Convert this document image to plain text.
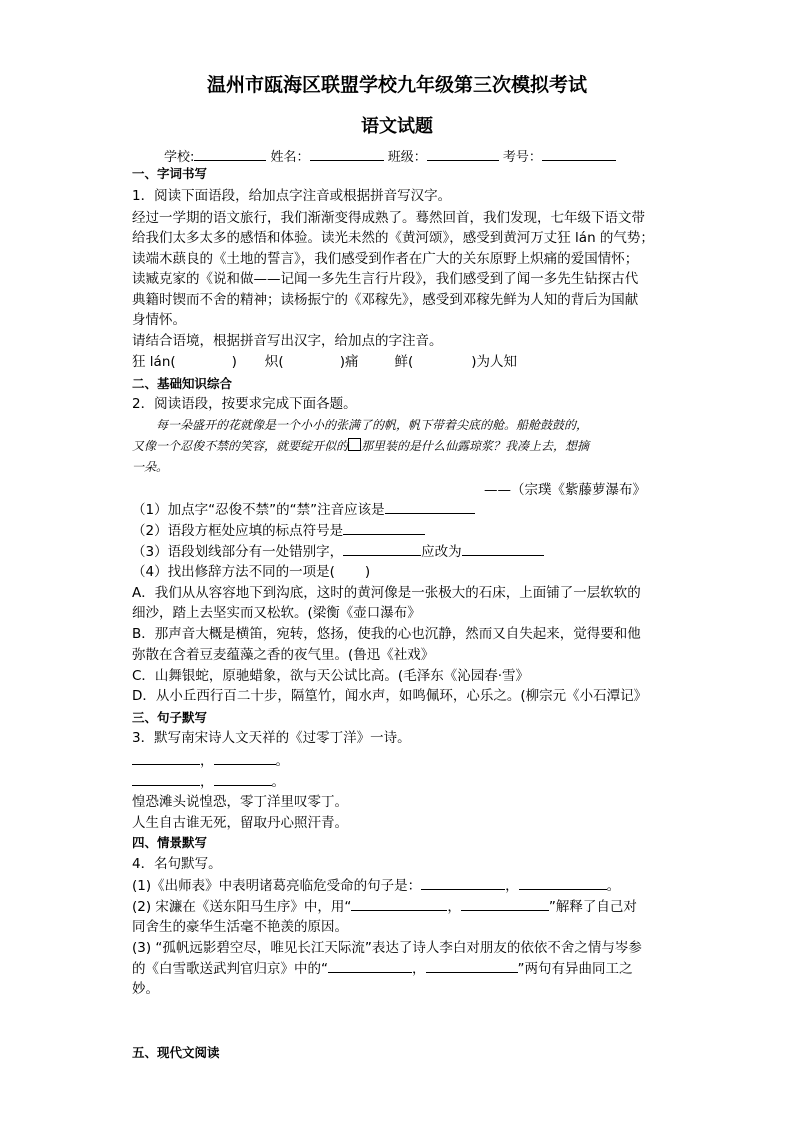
温州市瓯海区联盟学校九年级第三次模拟考试
语文试题
学校:	姓名：	班级：	考号：
一、字词书写
1．阅读下面语段，给加点字注音或根据拼音写汉字。
经过一学期的语文旅行，我们渐渐变得成熟了。蓦然回首，我们发现，七年级下语文带
给我们太多太多的感悟和体验。读光未然的《黄河颂》，感受到黄河万丈狂 lán 的气势；
读端木蕻良的《土地的誓言》，我们感受到作者在广大的关东原野上炽痛的爱国情怀；
读臧克家的《说和做——记闻一多先生言行片段》，我们感受到了闻一多先生钻探古代
典籍时锲而不舍的精神；读杨振宁的《邓稼先》，感受到邓稼先鲜为人知的背后为国献
身情怀。
请结合语境，根据拼音写出汉字，给加点的字注音。
狂 lán(	) 炽(	)痛	鲜(	)为人知
二、基础知识综合
2．阅读语段，按要求完成下面各题。
每一朵盛开的花就像是一个小小的张满了的帆，帆下带着尖底的舱。船舱鼓鼓的，
又像一个忍俊不禁的笑容，就要绽开似的 那里装的是什么仙露琼浆？我凑上去，想摘
一朵。
——（宗璞《紫藤萝瀑布》
（1）加点字“忍俊不禁”的“禁”注音应该是
（2）语段方框处应填的标点符号是
（3）语段划线部分有一处错别字，	应改为
（4）找出修辞方法不同的一项是( )
A．我们从从容容地下到沟底，这时的黄河像是一张极大的石床，上面铺了一层软软的
细沙，踏上去坚实而又松软。(梁衡《壶口瀑布》
B．那声音大概是横笛，宛转，悠扬，使我的心也沉静，然而又自失起来，觉得要和他
弥散在含着豆麦蕴藻之香的夜气里。(鲁迅《社戏》
C．山舞银蛇，原驰蜡象，欲与天公试比高。(毛泽东《沁园春·雪》
D．从小丘西行百二十步，隔篁竹，闻水声，如鸣佩环，心乐之。(柳宗元《小石潭记》
三、句子默写
3．默写南宋诗人文天祥的《过零丁洋》一诗。
，	。
，	。
惶恐滩头说惶恐，零丁洋里叹零丁。
人生自古谁无死，留取丹心照汗青。
四、情景默写
4．名句默写。
(1)《出师表》中表明诸葛亮临危受命的句子是：	，	。
(2) 宋濂在《送东阳马生序》中，用“	，	”解释了自己对
同舍生的豪华生活毫不艳羡的原因。
(3) “孤帆远影碧空尽，唯见长江天际流”表达了诗人李白对朋友的依依不舍之情与岑参
的《白雪歌送武判官归京》中的“	，	”两句有异曲同工之
妙。
五、现代文阅读
